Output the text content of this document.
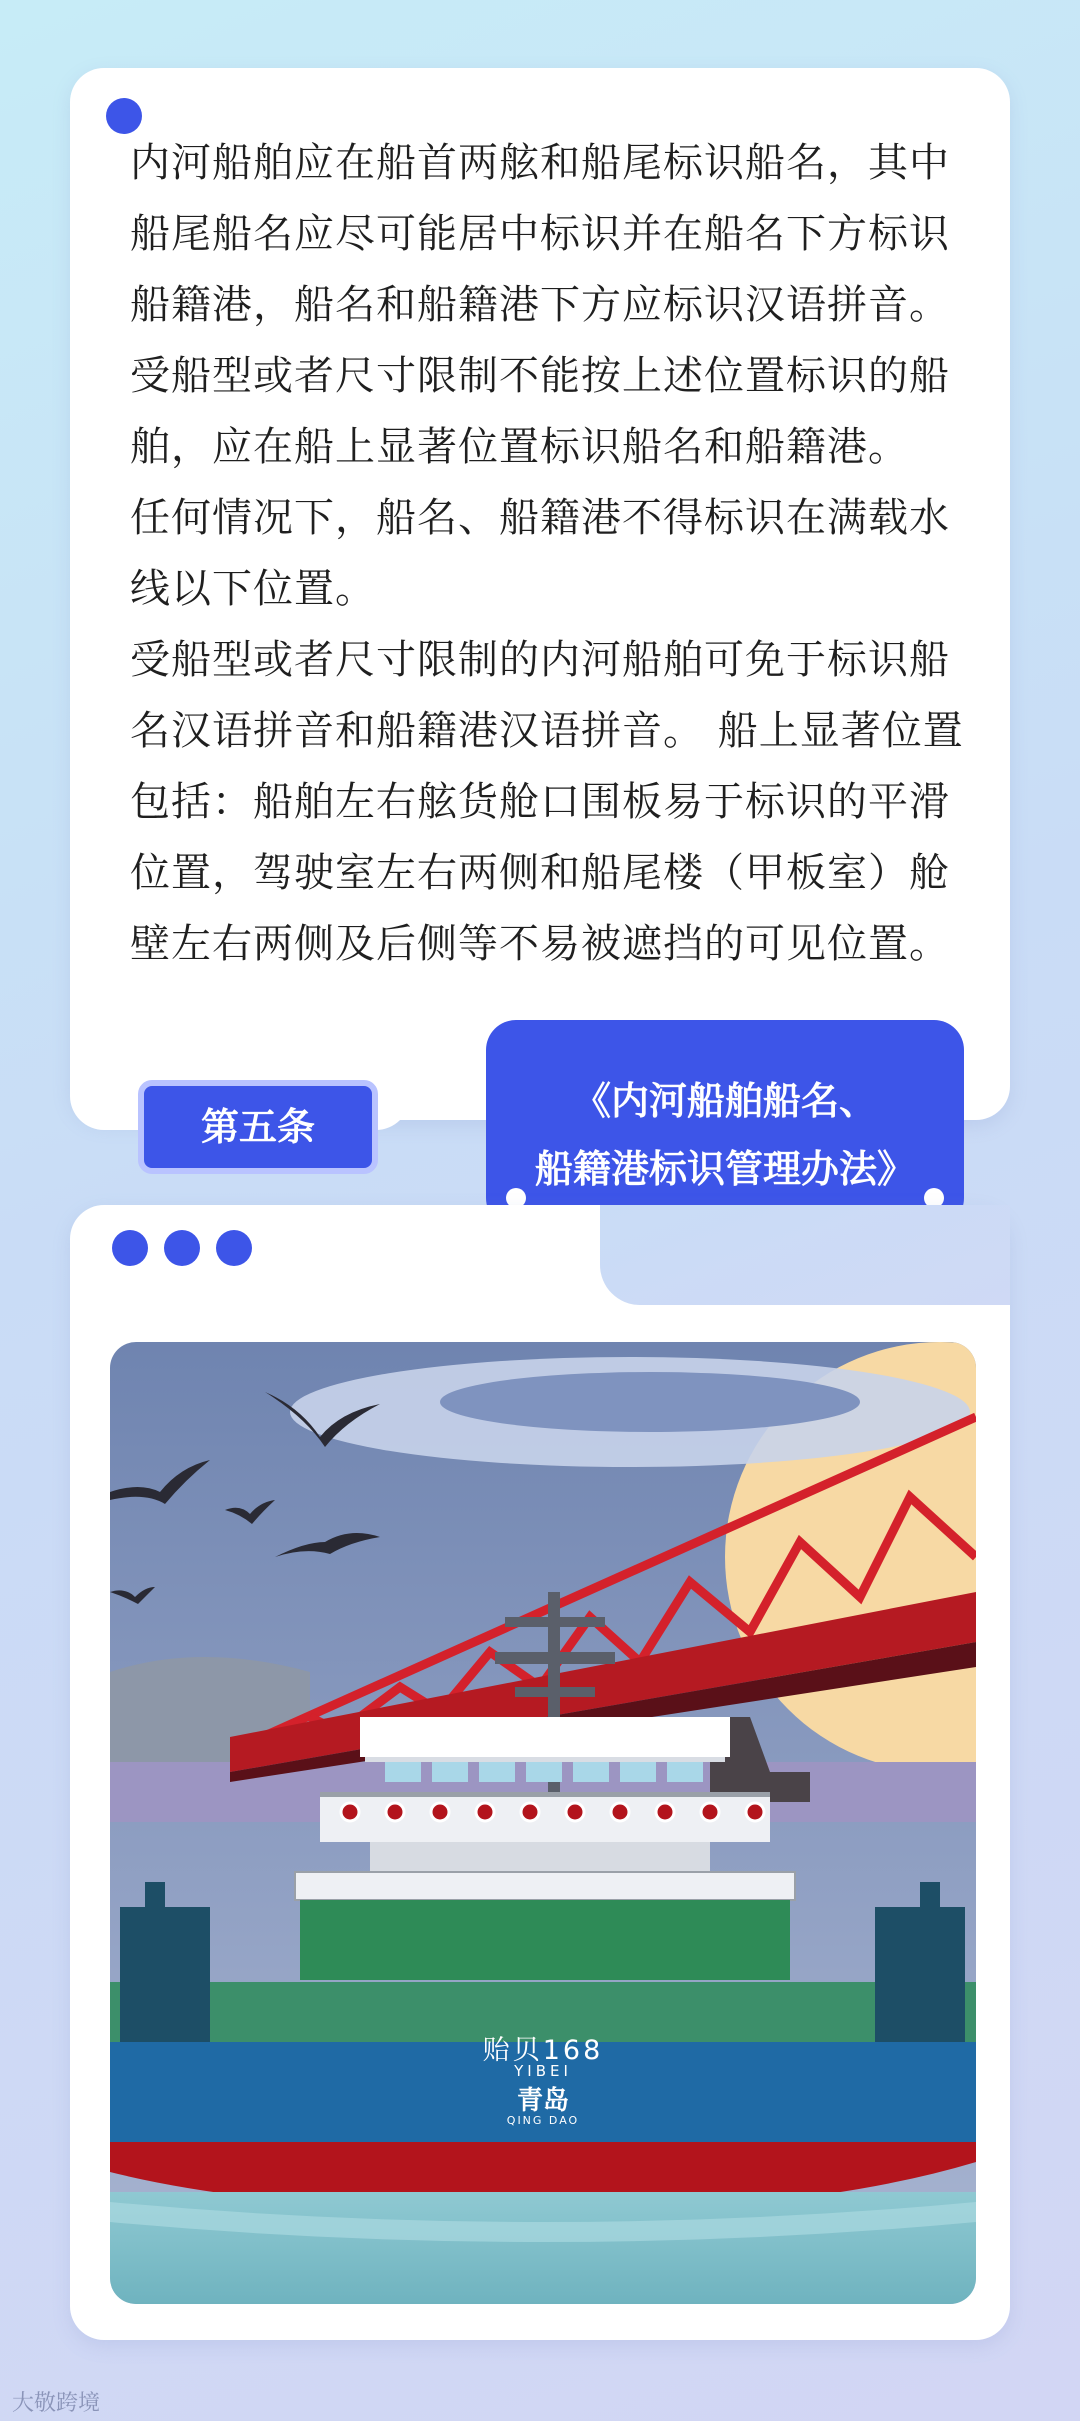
内河船舶应在船首两舷和船尾标识船名，其中船尾船名应尽可能居中标识并在船名下方标识船籍港，船名和船籍港下方应标识汉语拼音。

受船型或者尺寸限制不能按上述位置标识的船舶，应在船上显著位置标识船名和船籍港。

任何情况下，船名、船籍港不得标识在满载水线以下位置。

受船型或者尺寸限制的内河船舶可免于标识船名汉语拼音和船籍港汉语拼音。 船上显著位置包括：船舶左右舷货舱口围板易于标识的平滑位置，驾驶室左右两侧和船尾楼（甲板室）舱壁左右两侧及后侧等不易被遮挡的可见位置。

第五条
《内河船舶船名、
船籍港标识管理办法》
贻贝168
YIBEI
青岛
QING DAO
大敬跨境
